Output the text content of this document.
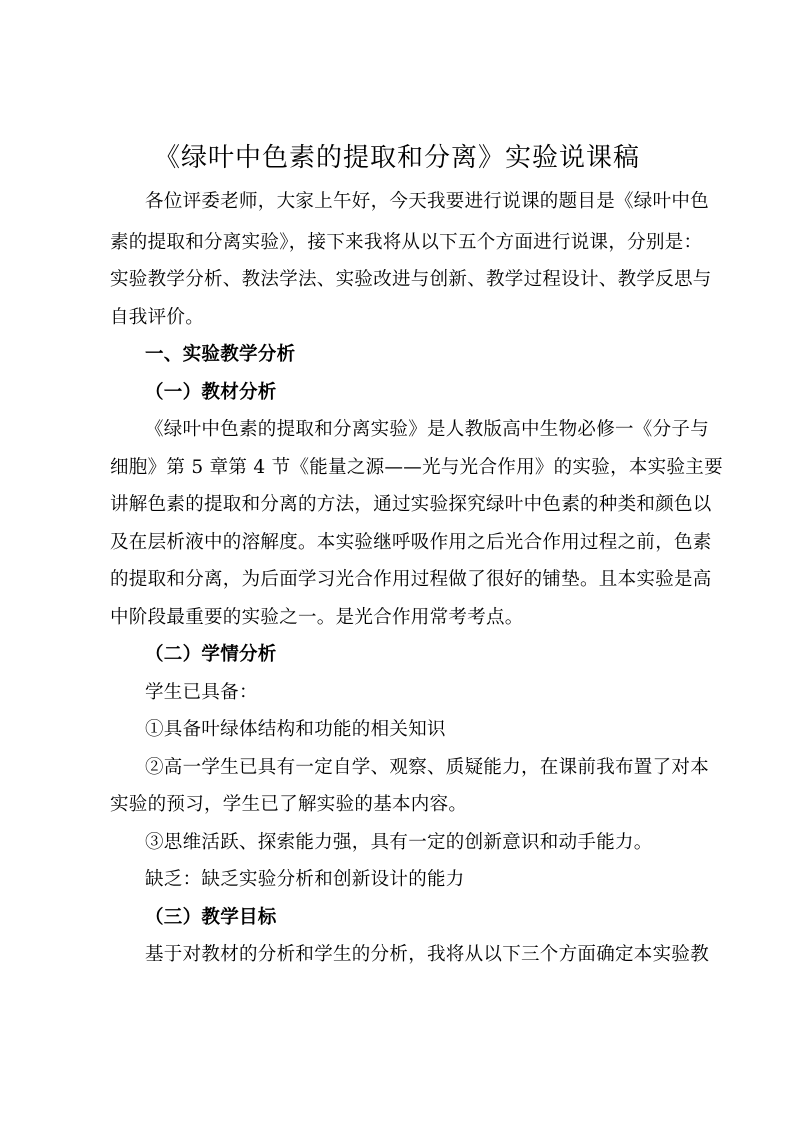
《绿叶中色素的提取和分离》实验说课稿
各位评委老师，大家上午好，今天我要进行说课的题目是《绿叶中色
素的提取和分离实验》，接下来我将从以下五个方面进行说课，分别是：
实验教学分析、教法学法、实验改进与创新、教学过程设计、教学反思与
自我评价。
一、实验教学分析
（一）教材分析
《绿叶中色素的提取和分离实验》是人教版高中生物必修一《分子与
细胞》第 5 章第 4 节《能量之源——光与光合作用》的实验，本实验主要
讲解色素的提取和分离的方法，通过实验探究绿叶中色素的种类和颜色以
及在层析液中的溶解度。本实验继呼吸作用之后光合作用过程之前，色素
的提取和分离，为后面学习光合作用过程做了很好的铺垫。且本实验是高
中阶段最重要的实验之一。是光合作用常考考点。
（二）学情分析
学生已具备：
①具备叶绿体结构和功能的相关知识
②高一学生已具有一定自学、观察、质疑能力，在课前我布置了对本
实验的预习，学生已了解实验的基本内容。
③思维活跃、探索能力强，具有一定的创新意识和动手能力。
缺乏：缺乏实验分析和创新设计的能力
（三）教学目标
基于对教材的分析和学生的分析，我将从以下三个方面确定本实验教
